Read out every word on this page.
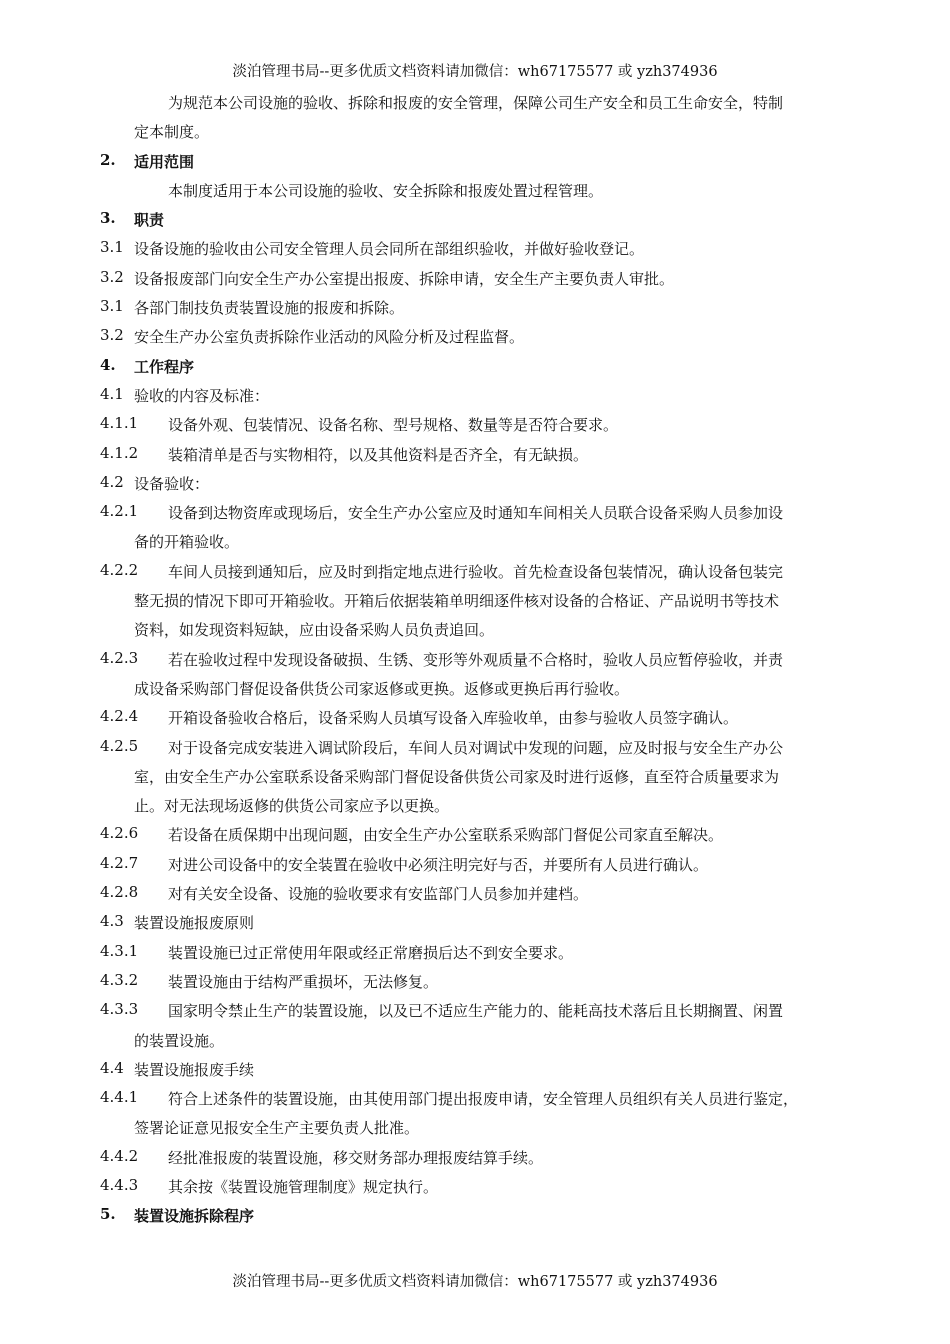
淡泊管理书局--更多优质文档资料请加微信：wh67175577 或 yzh374936
为规范本公司设施的验收、拆除和报废的安全管理，保障公司生产安全和员工生命安全，特制
定本制度。
2. 适用范围
本制度适用于本公司设施的验收、安全拆除和报废处置过程管理。
3. 职责
3.1 设备设施的验收由公司安全管理人员会同所在部组织验收，并做好验收登记。
3.2 设备报废部门向安全生产办公室提出报废、拆除申请，安全生产主要负责人审批。
3.1 各部门制技负责装置设施的报废和拆除。
3.2 安全生产办公室负责拆除作业活动的风险分析及过程监督。
4. 工作程序
4.1 验收的内容及标准：
4.1.1 设备外观、包装情况、设备名称、型号规格、数量等是否符合要求。
4.1.2 装箱清单是否与实物相符，以及其他资料是否齐全，有无缺损。
4.2 设备验收：
4.2.1 设备到达物资库或现场后，安全生产办公室应及时通知车间相关人员联合设备采购人员参加设
备的开箱验收。
4.2.2 车间人员接到通知后，应及时到指定地点进行验收。首先检查设备包装情况，确认设备包装完
整无损的情况下即可开箱验收。开箱后依据装箱单明细逐件核对设备的合格证、产品说明书等技术
资料，如发现资料短缺，应由设备采购人员负责追回。
4.2.3 若在验收过程中发现设备破损、生锈、变形等外观质量不合格时，验收人员应暂停验收，并责
成设备采购部门督促设备供货公司家返修或更换。返修或更换后再行验收。
4.2.4 开箱设备验收合格后，设备采购人员填写设备入库验收单，由参与验收人员签字确认。
4.2.5 对于设备完成安装进入调试阶段后，车间人员对调试中发现的问题，应及时报与安全生产办公
室，由安全生产办公室联系设备采购部门督促设备供货公司家及时进行返修，直至符合质量要求为
止。对无法现场返修的供货公司家应予以更换。
4.2.6 若设备在质保期中出现问题，由安全生产办公室联系采购部门督促公司家直至解决。
4.2.7 对进公司设备中的安全装置在验收中必须注明完好与否，并要所有人员进行确认。
4.2.8 对有关安全设备、设施的验收要求有安监部门人员参加并建档。
4.3 装置设施报废原则
4.3.1 装置设施已过正常使用年限或经正常磨损后达不到安全要求。
4.3.2 装置设施由于结构严重损坏，无法修复。
4.3.3 国家明令禁止生产的装置设施，以及已不适应生产能力的、能耗高技术落后且长期搁置、闲置
的装置设施。
4.4 装置设施报废手续
4.4.1 符合上述条件的装置设施，由其使用部门提出报废申请，安全管理人员组织有关人员进行鉴定，
签署论证意见报安全生产主要负责人批准。
4.4.2 经批准报废的装置设施，移交财务部办理报废结算手续。
4.4.3 其余按《装置设施管理制度》规定执行。
5. 装置设施拆除程序
淡泊管理书局--更多优质文档资料请加微信：wh67175577 或 yzh374936
